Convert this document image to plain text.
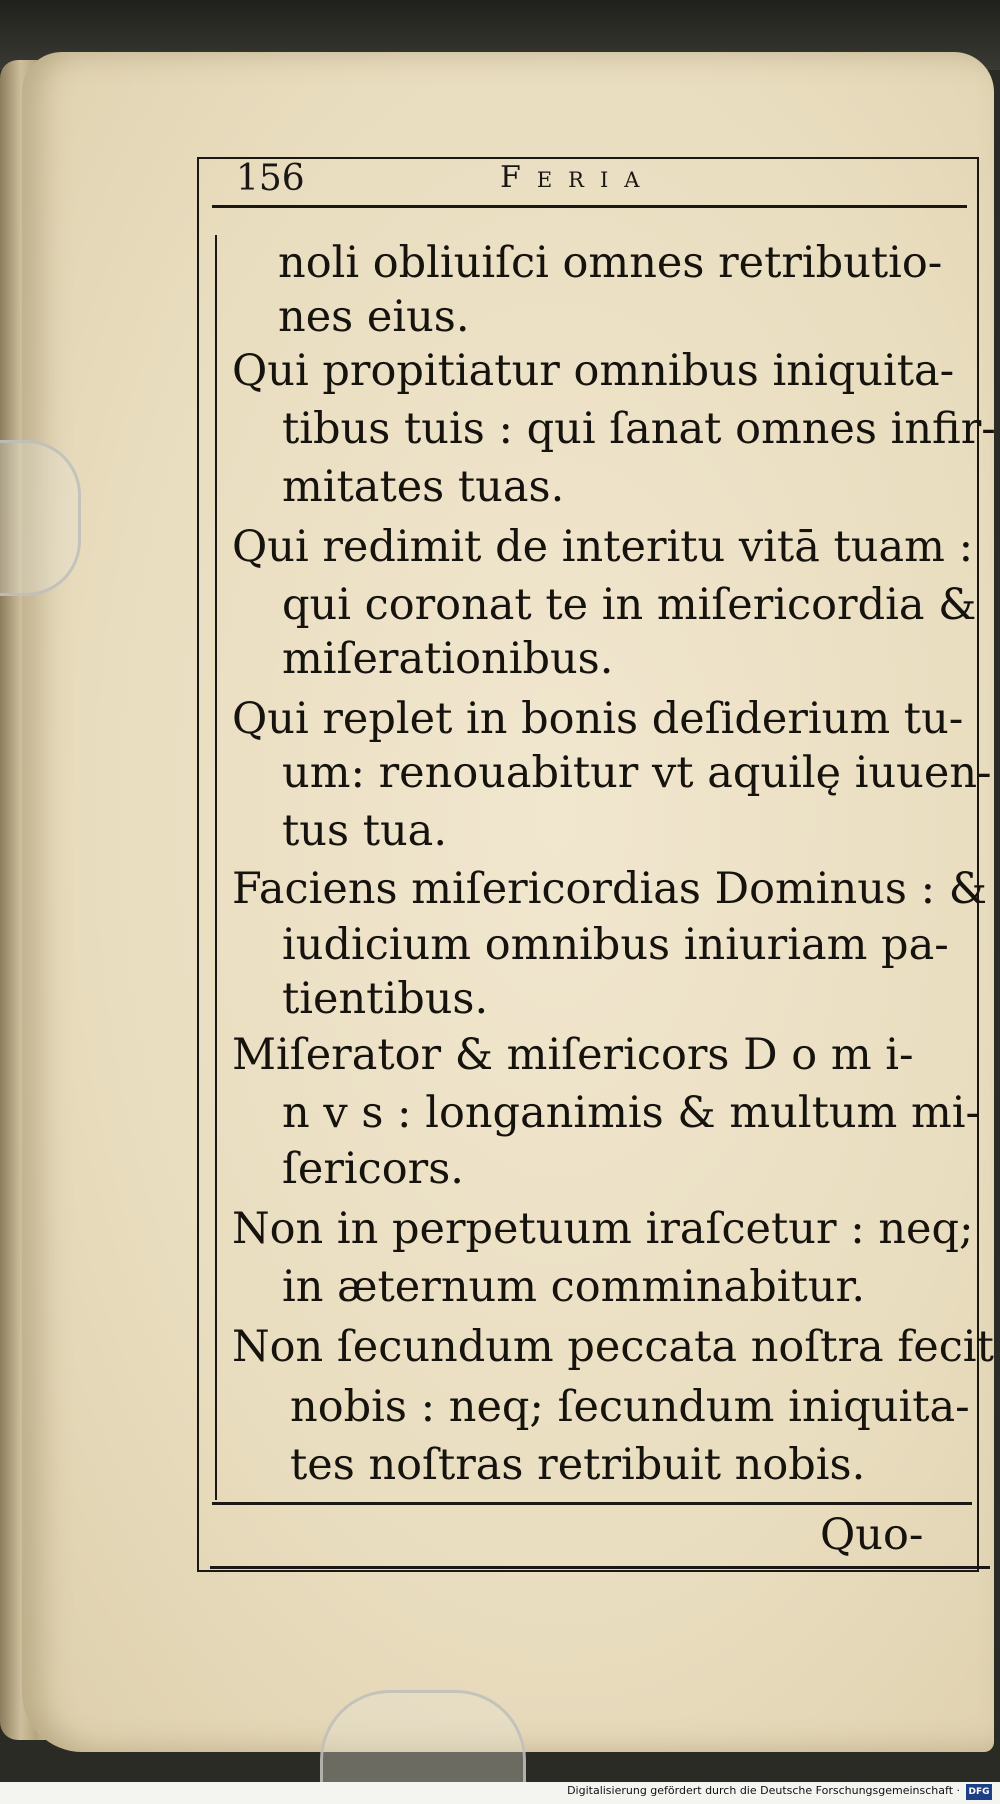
156	Feria
noli obliuiſci omnes retributio-
nes eius.
Qui propitiatur omnibus iniquita-
tibus tuis : qui ſanat omnes infir-
mitates tuas.
Qui redimit de interitu vitā tuam :
qui coronat te in miſericordia &
miſerationibus.
Qui replet in bonis deſiderium tu-
um: renouabitur vt aquilę iuuen-
tus tua.
Faciens miſericordias Dominus : &
iudicium omnibus iniuriam pa-
tientibus.
Miſerator & miſericors D o m i-
n v s : longanimis & multum mi-
ſericors.
Non in perpetuum iraſcetur : neq;
in æternum comminabitur.
Non ſecundum peccata noſtra fecit
nobis : neq; ſecundum iniquita-
tes noſtras retribuit nobis.
Quo-
Digitalisierung gefördert durch die Deutsche Forschungsgemeinschaft · DFG
